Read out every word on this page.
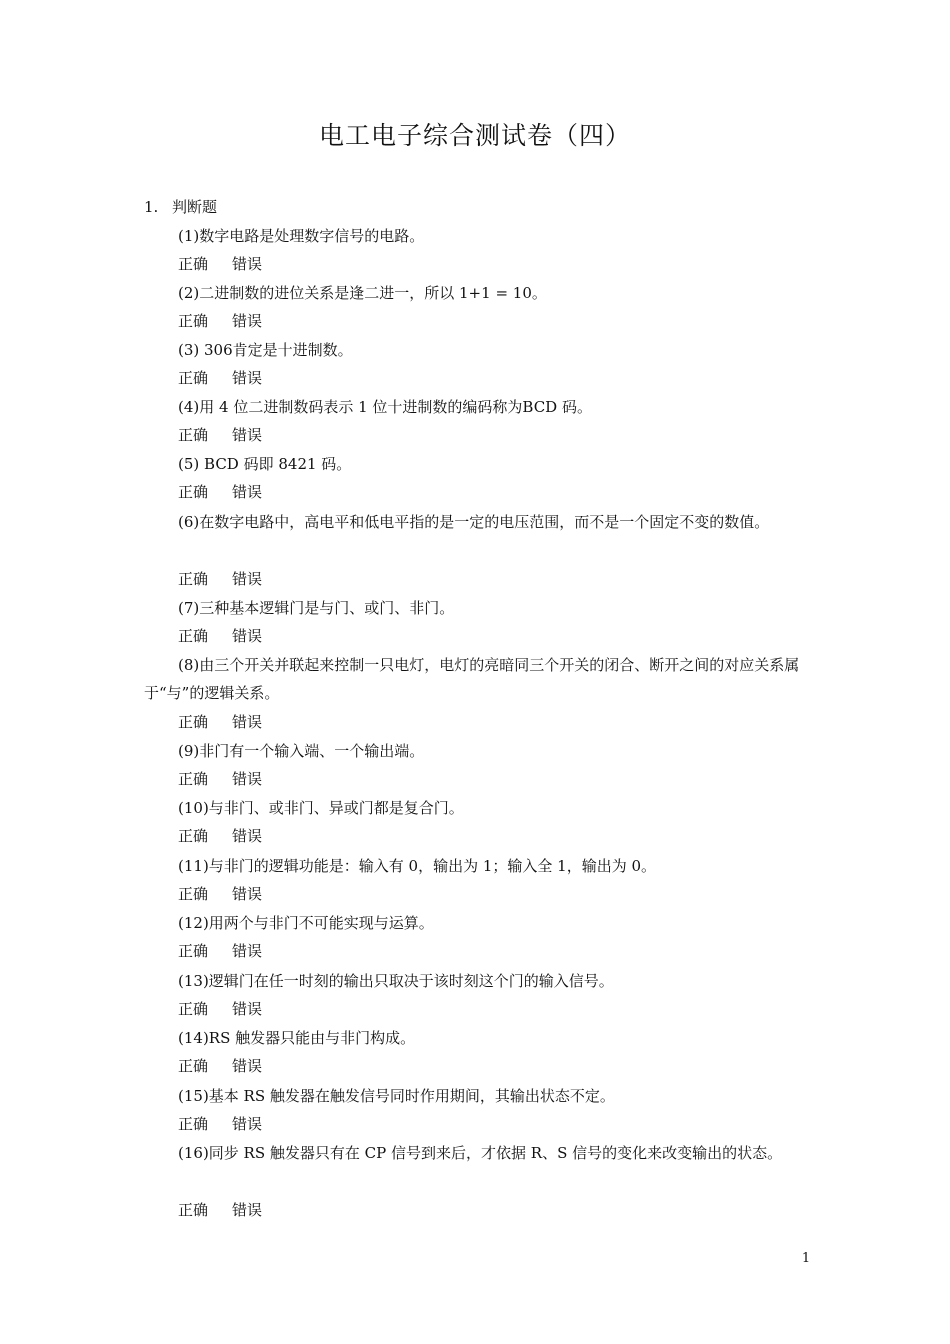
电工电子综合测试卷（四）
1. 判断题

(1)数字电路是处理数字信号的电路。

正确 错误

(2)二进制数的进位关系是逢二进一，所以 1+1 = 10。

正确 错误

(3) 306肯定是十进制数。

正确 错误

(4)用 4 位二进制数码表示 1 位十进制数的编码称为BCD 码。

正确 错误

(5) BCD 码即 8421 码。

正确 错误

(6)在数字电路中，高电平和低电平指的是一定的电压范围，而不是一个固定不变的数值。

正确 错误

(7)三种基本逻辑门是与门、或门、非门。

正确 错误

(8)由三个开关并联起来控制一只电灯，电灯的亮暗同三个开关的闭合、断开之间的对应关系属于“与”的逻辑关系。

正确 错误

(9)非门有一个输入端、一个输出端。

正确 错误

(10)与非门、或非门、异或门都是复合门。

正确 错误

(11)与非门的逻辑功能是：输入有 0，输出为 1；输入全 1，输出为 0。

正确 错误

(12)用两个与非门不可能实现与运算。

正确 错误

(13)逻辑门在任一时刻的输出只取决于该时刻这个门的输入信号。

正确 错误

(14)RS 触发器只能由与非门构成。

正确 错误

(15)基本 RS 触发器在触发信号同时作用期间，其输出状态不定。

正确 错误

(16)同步 RS 触发器只有在 CP 信号到来后，才依据 R、S 信号的变化来改变输出的状态。

正确 错误
1
